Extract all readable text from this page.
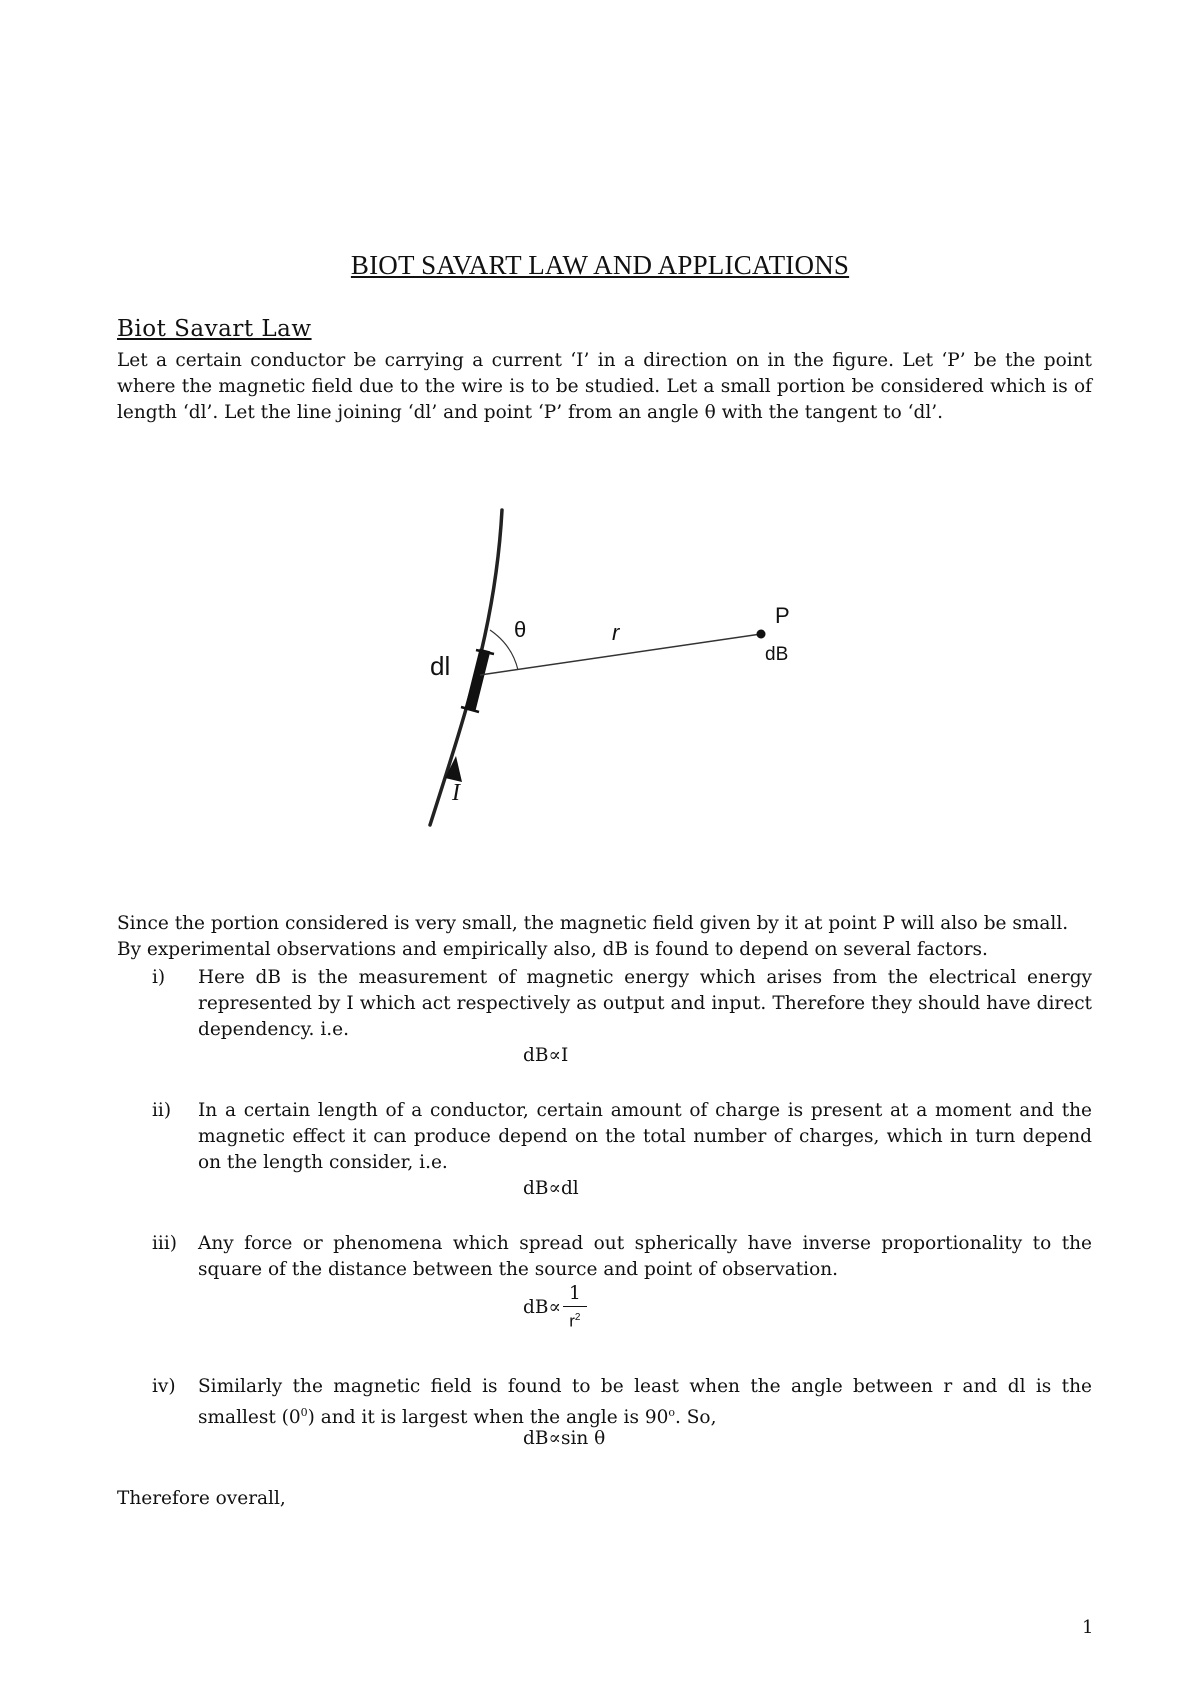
BIOT SAVART LAW AND APPLICATIONS
Biot Savart Law
Let a certain conductor be carrying a current ‘I’ in a direction on in the figure. Let ‘P’ be the point where the magnetic field due to the wire is to be studied. Let a small portion be considered which is of length ‘dl’. Let the line joining ‘dl’ and point ‘P’ from an angle θ with the tangent to ‘dl’.
dl
θ	r
P
dB
I
Since the portion considered is very small, the magnetic field given by it at point P will also be small. By experimental observations and empirically also, dB is found to depend on several factors.
i) Here dB is the measurement of magnetic energy which arises from the electrical energy represented by I which act respectively as output and input. Therefore they should have direct dependency. i.e.
dB∝I
ii) In a certain length of a conductor, certain amount of charge is present at a moment and the magnetic effect it can produce depend on the total number of charges, which in turn depend on the length consider, i.e.
dB∝dl
iii) Any force or phenomena which spread out spherically have inverse proportionality to the square of the distance between the source and point of observation.
$dB\propto \frac{1}{r^2}$
iv) Similarly the magnetic field is found to be least when the angle between r and dl is the smallest $(0^0)$ and it is largest when the angle is 90$^o$. So,
dB∝sin θ
Therefore overall,
1
